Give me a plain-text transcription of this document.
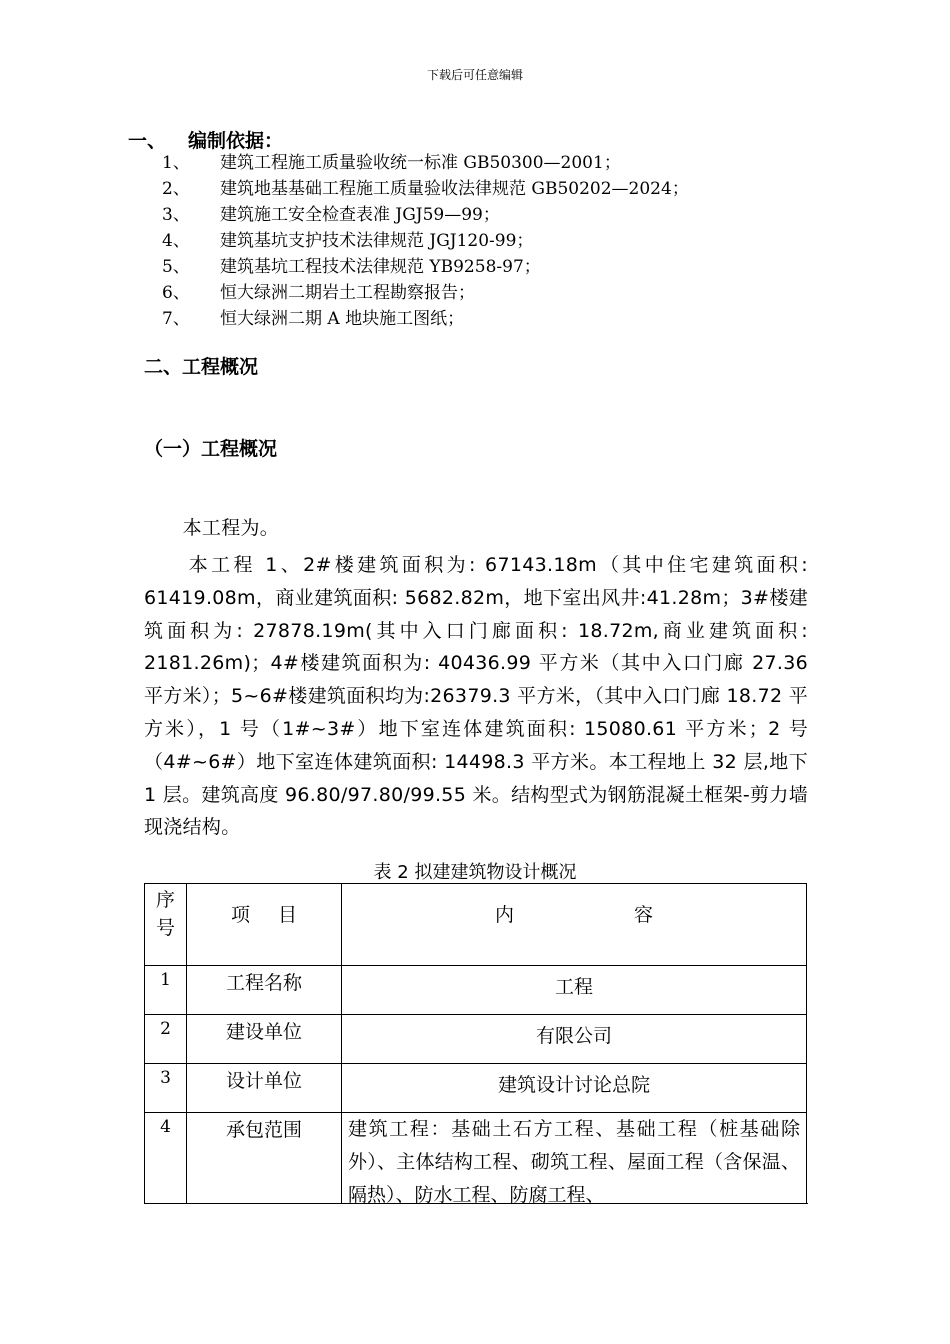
下载后可任意编辑
一、 编制依据：
1、 建筑工程施工质量验收统一标准 GB50300—2001；
2、 建筑地基基础工程施工质量验收法律规范 GB50202—2024；
3、 建筑施工安全检查表准 JGJ59—99；
4、 建筑基坑支护技术法律规范 JGJ120-99；
5、 建筑基坑工程技术法律规范 YB9258-97；
6、 恒大绿洲二期岩土工程勘察报告；
7、 恒大绿洲二期 A 地块施工图纸；
二、工程概况
（一）工程概况

　　本工程为。

　　本工程 1、2#楼建筑面积为: 67143.18m（其中住宅建筑面积: 61419.08m，商业建筑面积: 5682.82m，地下室出风井:41.28m；3#楼建筑面积为: 27878.19m(其中入口门廊面积: 18.72m,商业建筑面积: 2181.26m)；4#楼建筑面积为: 40436.99 平方米（其中入口门廊 27.36 平方米）；5~6#楼建筑面积均为:26379.3 平方米，（其中入口门廊 18.72 平方米），1 号（1#~3#）地下室连体建筑面积: 15080.61 平方米；2 号（4#~6#）地下室连体建筑面积: 14498.3 平方米。本工程地上 32 层,地下 1 层。建筑高度 96.80/97.80/99.55 米。结构型式为钢筋混凝土框架-剪力墙现浇结构。

表 2 拟建建筑物设计概况
序号	项目	内 容
1	工程名称	工程
2	建设单位	有限公司
3	设计单位	建筑设计讨论总院
4	承包范围	建筑工程：基础土石方工程、基础工程（桩基础除外）、主体结构工程、砌筑工程、屋面工程（含保温、隔热）、防水工程、防腐工程、
